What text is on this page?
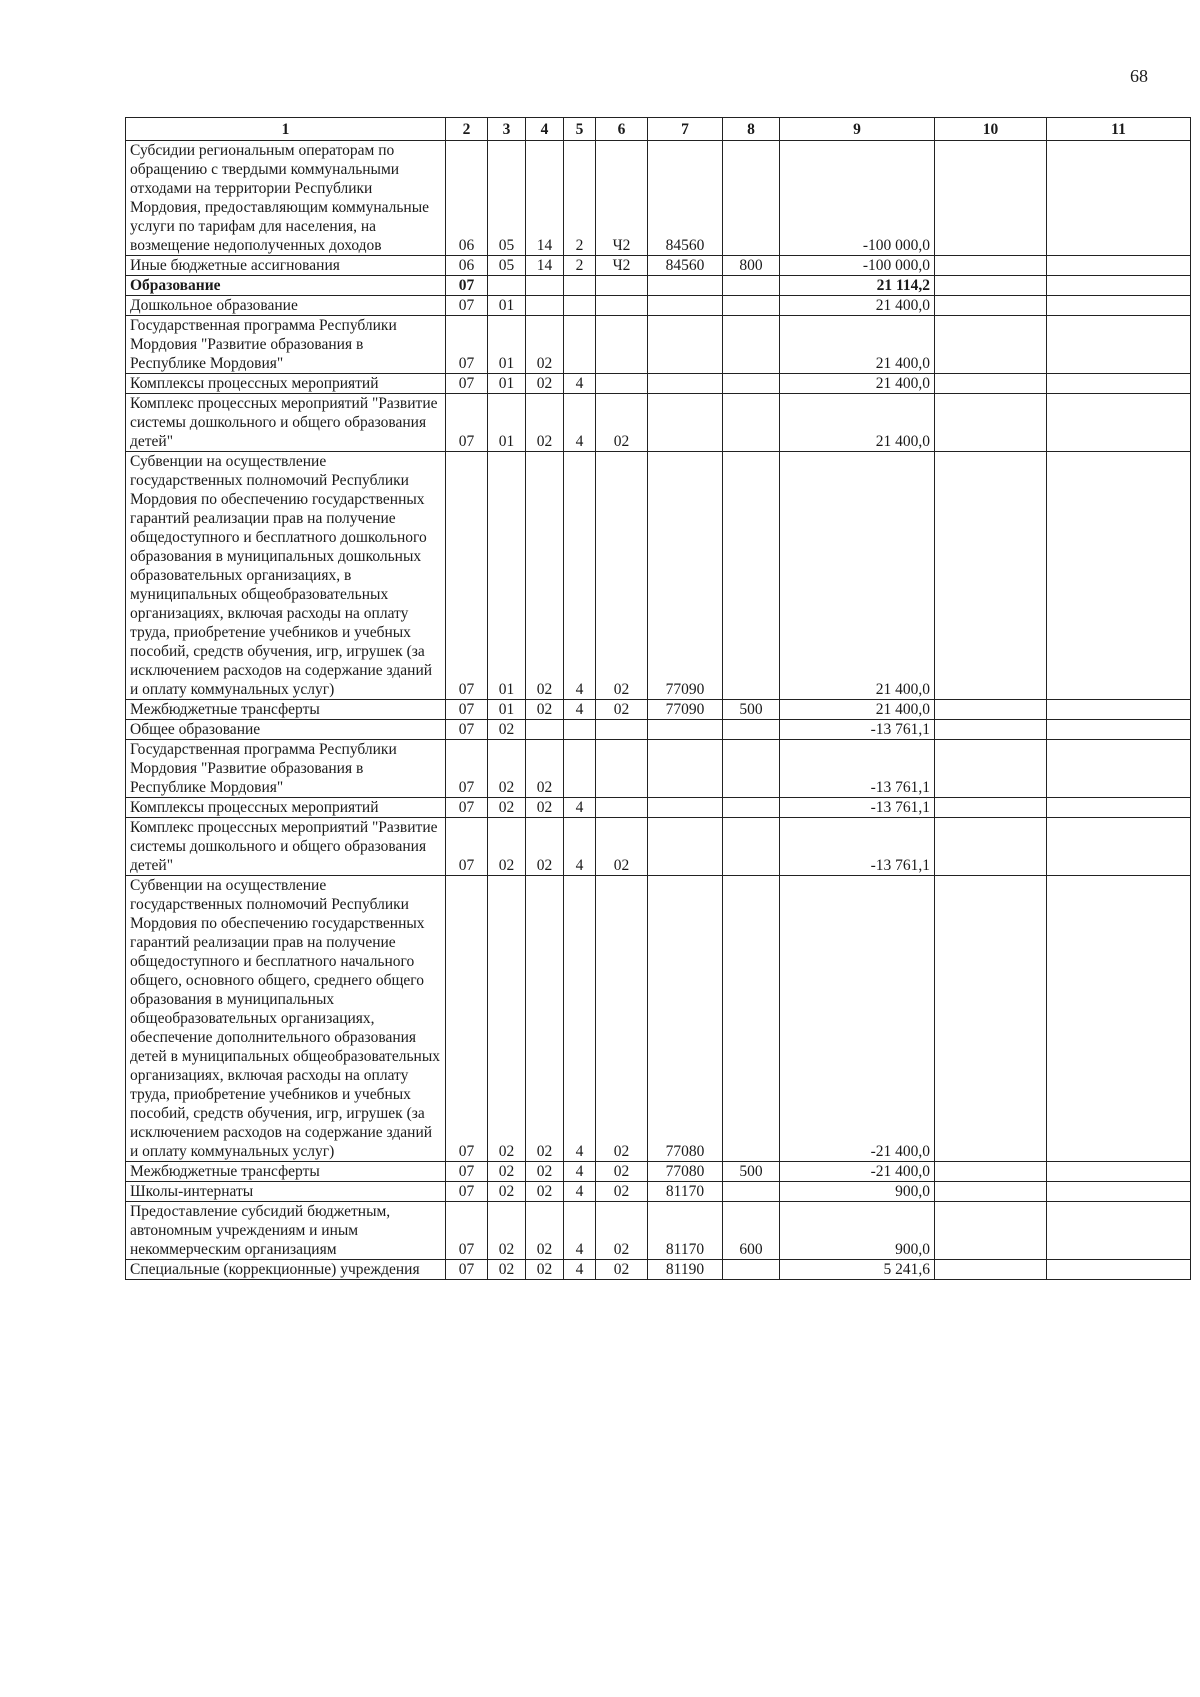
68
1	2	3	4	5	6	7	8	9	10	11
Субсидии региональным операторам по обращению с твердыми коммунальными отходами на территории Республики Мордовия, предоставляющим коммунальные услуги по тарифам для населения, на возмещение недополученных доходов	06	05	14	2	Ч2	84560		-100 000,0		
Иные бюджетные ассигнования	06	05	14	2	Ч2	84560	800	-100 000,0		
Образование	07							21 114,2		
Дошкольное образование	07	01						21 400,0		
Государственная программа Республики Мордовия "Развитие образования в Республике Мордовия"	07	01	02					21 400,0		
Комплексы процессных мероприятий	07	01	02	4				21 400,0		
Комплекс процессных мероприятий "Развитие системы дошкольного и общего образования детей"	07	01	02	4	02			21 400,0		
Субвенции на осуществление государственных полномочий Республики Мордовия по обеспечению государственных гарантий реализации прав на получение общедоступного и бесплатного дошкольного образования в муниципальных дошкольных образовательных организациях, в муниципальных общеобразовательных организациях, включая расходы на оплату труда, приобретение учебников и учебных пособий, средств обучения, игр, игрушек (за исключением расходов на содержание зданий и оплату коммунальных услуг)	07	01	02	4	02	77090		21 400,0		
Межбюджетные трансферты	07	01	02	4	02	77090	500	21 400,0		
Общее образование	07	02						-13 761,1		
Государственная программа Республики Мордовия "Развитие образования в Республике Мордовия"	07	02	02					-13 761,1		
Комплексы процессных мероприятий	07	02	02	4				-13 761,1		
Комплекс процессных мероприятий "Развитие системы дошкольного и общего образования детей"	07	02	02	4	02			-13 761,1		
Субвенции на осуществление государственных полномочий Республики Мордовия по обеспечению государственных гарантий реализации прав на получение общедоступного и бесплатного начального общего, основного общего, среднего общего образования в муниципальных общеобразовательных организациях, обеспечение дополнительного образования детей в муниципальных общеобразовательных организациях, включая расходы на оплату труда, приобретение учебников и учебных пособий, средств обучения, игр, игрушек (за исключением расходов на содержание зданий и оплату коммунальных услуг)	07	02	02	4	02	77080		-21 400,0		
Межбюджетные трансферты	07	02	02	4	02	77080	500	-21 400,0		
Школы-интернаты	07	02	02	4	02	81170		900,0		
Предоставление субсидий бюджетным, автономным учреждениям и иным некоммерческим организациям	07	02	02	4	02	81170	600	900,0		
Специальные (коррекционные) учреждения	07	02	02	4	02	81190		5 241,6		
